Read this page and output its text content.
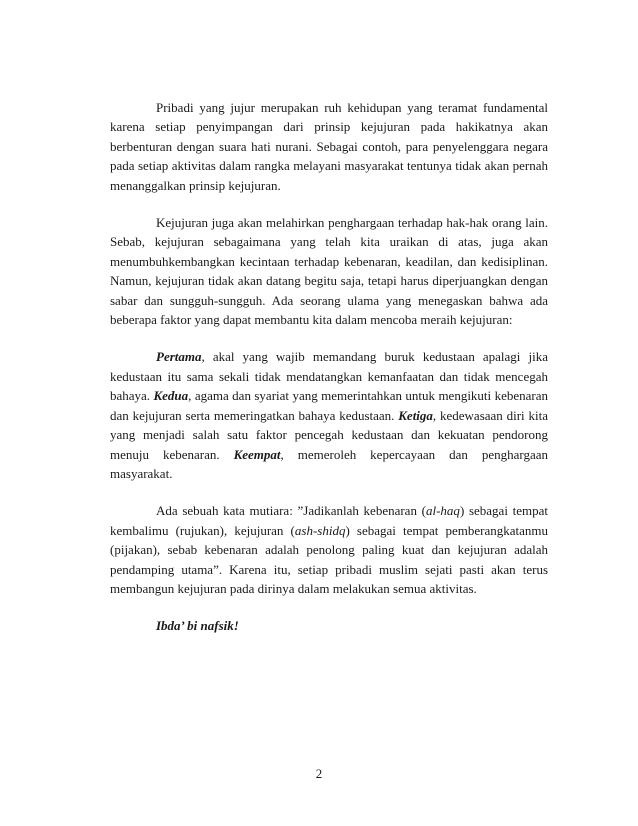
Pribadi yang jujur merupakan ruh kehidupan yang teramat fundamental karena setiap penyimpangan dari prinsip kejujuran pada hakikatnya akan berbenturan dengan suara hati nurani. Sebagai contoh, para penyelenggara negara pada setiap aktivitas dalam rangka melayani masyarakat tentunya tidak akan pernah menanggalkan prinsip kejujuran.

Kejujuran juga akan melahirkan penghargaan terhadap hak-hak orang lain. Sebab, kejujuran sebagaimana yang telah kita uraikan di atas, juga akan menumbuhkembangkan kecintaan terhadap kebenaran, keadilan, dan kedisiplinan. Namun, kejujuran tidak akan datang begitu saja, tetapi harus diperjuangkan dengan sabar dan sungguh-sungguh. Ada seorang ulama yang menegaskan bahwa ada beberapa faktor yang dapat membantu kita dalam mencoba meraih kejujuran:

Pertama, akal yang wajib memandang buruk kedustaan apalagi jika kedustaan itu sama sekali tidak mendatangkan kemanfaatan dan tidak mencegah bahaya. Kedua, agama dan syariat yang memerintahkan untuk mengikuti kebenaran dan kejujuran serta memeringatkan bahaya kedustaan. Ketiga, kedewasaan diri kita yang menjadi salah satu faktor pencegah kedustaan dan kekuatan pendorong menuju kebenaran. Keempat, memeroleh kepercayaan dan penghargaan masyarakat.

Ada sebuah kata mutiara: ”Jadikanlah kebenaran (al-haq) sebagai tempat kembalimu (rujukan), kejujuran (ash-shidq) sebagai tempat pemberangkatanmu (pijakan), sebab kebenaran adalah penolong paling kuat dan kejujuran adalah pendamping utama”. Karena itu, setiap pribadi muslim sejati pasti akan terus membangun kejujuran pada dirinya dalam melakukan semua aktivitas.

Ibda’ bi nafsik!

2
